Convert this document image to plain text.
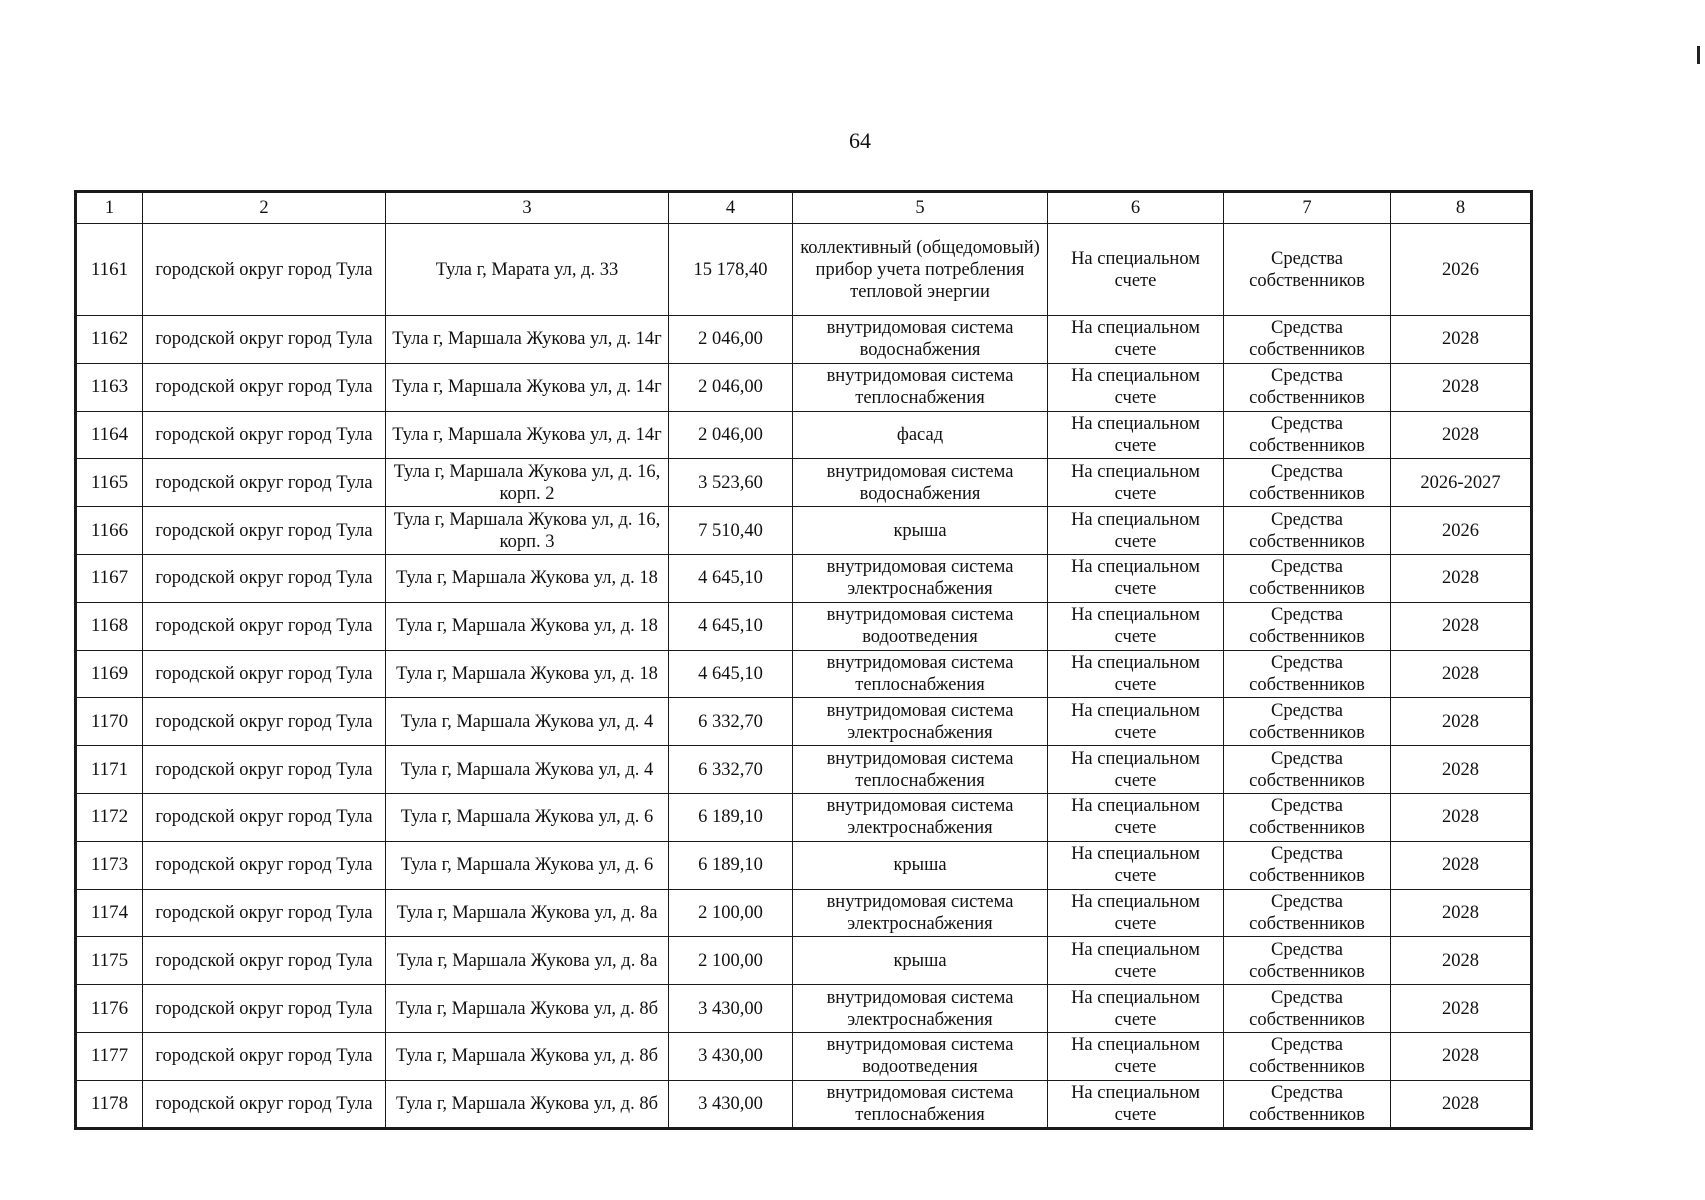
64
1	2	3	4	5	6	7	8
1161	городской округ город Тула	Тула г, Марата ул, д. 33	15 178,40	коллективный (общедомовый) прибор учета потребления тепловой энергии	На специальном счете	Средства собственников	2026
1162	городской округ город Тула	Тула г, Маршала Жукова ул, д. 14г	2 046,00	внутридомовая система водоснабжения	На специальном счете	Средства собственников	2028
1163	городской округ город Тула	Тула г, Маршала Жукова ул, д. 14г	2 046,00	внутридомовая система теплоснабжения	На специальном счете	Средства собственников	2028
1164	городской округ город Тула	Тула г, Маршала Жукова ул, д. 14г	2 046,00	фасад	На специальном счете	Средства собственников	2028
1165	городской округ город Тула	Тула г, Маршала Жукова ул, д. 16, корп. 2	3 523,60	внутридомовая система водоснабжения	На специальном счете	Средства собственников	2026-2027
1166	городской округ город Тула	Тула г, Маршала Жукова ул, д. 16, корп. 3	7 510,40	крыша	На специальном счете	Средства собственников	2026
1167	городской округ город Тула	Тула г, Маршала Жукова ул, д. 18	4 645,10	внутридомовая система электроснабжения	На специальном счете	Средства собственников	2028
1168	городской округ город Тула	Тула г, Маршала Жукова ул, д. 18	4 645,10	внутридомовая система водоотведения	На специальном счете	Средства собственников	2028
1169	городской округ город Тула	Тула г, Маршала Жукова ул, д. 18	4 645,10	внутридомовая система теплоснабжения	На специальном счете	Средства собственников	2028
1170	городской округ город Тула	Тула г, Маршала Жукова ул, д. 4	6 332,70	внутридомовая система электроснабжения	На специальном счете	Средства собственников	2028
1171	городской округ город Тула	Тула г, Маршала Жукова ул, д. 4	6 332,70	внутридомовая система теплоснабжения	На специальном счете	Средства собственников	2028
1172	городской округ город Тула	Тула г, Маршала Жукова ул, д. 6	6 189,10	внутридомовая система электроснабжения	На специальном счете	Средства собственников	2028
1173	городской округ город Тула	Тула г, Маршала Жукова ул, д. 6	6 189,10	крыша	На специальном счете	Средства собственников	2028
1174	городской округ город Тула	Тула г, Маршала Жукова ул, д. 8а	2 100,00	внутридомовая система электроснабжения	На специальном счете	Средства собственников	2028
1175	городской округ город Тула	Тула г, Маршала Жукова ул, д. 8а	2 100,00	крыша	На специальном счете	Средства собственников	2028
1176	городской округ город Тула	Тула г, Маршала Жукова ул, д. 8б	3 430,00	внутридомовая система электроснабжения	На специальном счете	Средства собственников	2028
1177	городской округ город Тула	Тула г, Маршала Жукова ул, д. 8б	3 430,00	внутридомовая система водоотведения	На специальном счете	Средства собственников	2028
1178	городской округ город Тула	Тула г, Маршала Жукова ул, д. 8б	3 430,00	внутридомовая система теплоснабжения	На специальном счете	Средства собственников	2028
